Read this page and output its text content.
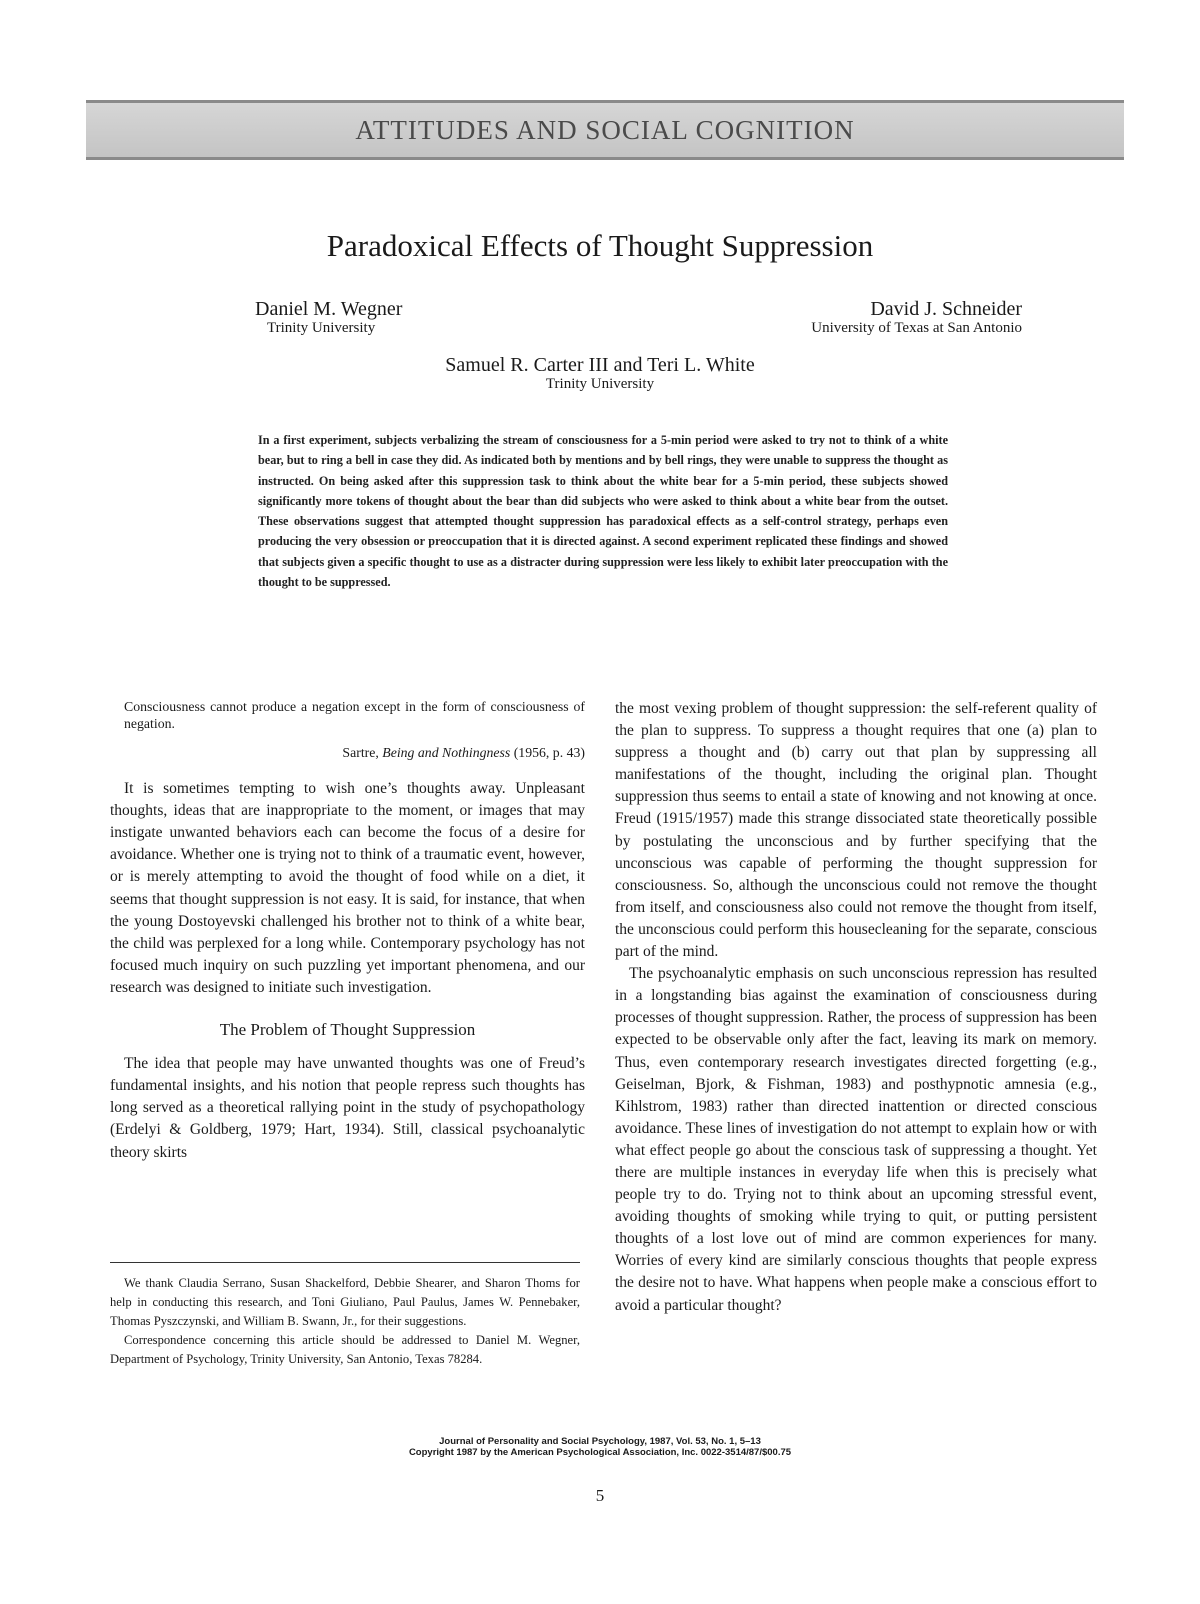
ATTITUDES AND SOCIAL COGNITION
Paradoxical Effects of Thought Suppression
Daniel M. Wegner
Trinity University
David J. Schneider
University of Texas at San Antonio
Samuel R. Carter III and Teri L. White
Trinity University
In a first experiment, subjects verbalizing the stream of consciousness for a 5-min period were asked to try not to think of a white bear, but to ring a bell in case they did. As indicated both by mentions and by bell rings, they were unable to suppress the thought as instructed. On being asked after this suppression task to think about the white bear for a 5-min period, these subjects showed significantly more tokens of thought about the bear than did subjects who were asked to think about a white bear from the outset. These observations suggest that attempted thought suppression has paradoxical effects as a self-control strategy, perhaps even producing the very obsession or preoccupation that it is directed against. A second experiment replicated these findings and showed that subjects given a specific thought to use as a distracter during suppression were less likely to exhibit later preoccupation with the thought to be suppressed.

Consciousness cannot produce a negation except in the form of consciousness of negation.

Sartre, Being and Nothingness (1956, p. 43)

It is sometimes tempting to wish one’s thoughts away. Unpleasant thoughts, ideas that are inappropriate to the moment, or images that may instigate unwanted behaviors each can become the focus of a desire for avoidance. Whether one is trying not to think of a traumatic event, however, or is merely attempting to avoid the thought of food while on a diet, it seems that thought suppression is not easy. It is said, for instance, that when the young Dostoyevski challenged his brother not to think of a white bear, the child was perplexed for a long while. Contemporary psychology has not focused much inquiry on such puzzling yet important phenomena, and our research was designed to initiate such investigation.

The Problem of Thought Suppression

The idea that people may have unwanted thoughts was one of Freud’s fundamental insights, and his notion that people repress such thoughts has long served as a theoretical rallying point in the study of psychopathology (Erdelyi & Goldberg, 1979; Hart, 1934). Still, classical psychoanalytic theory skirts

We thank Claudia Serrano, Susan Shackelford, Debbie Shearer, and Sharon Thoms for help in conducting this research, and Toni Giuliano, Paul Paulus, James W. Pennebaker, Thomas Pyszczynski, and William B. Swann, Jr., for their suggestions.

Correspondence concerning this article should be addressed to Daniel M. Wegner, Department of Psychology, Trinity University, San Antonio, Texas 78284.

the most vexing problem of thought suppression: the self-referent quality of the plan to suppress. To suppress a thought requires that one (a) plan to suppress a thought and (b) carry out that plan by suppressing all manifestations of the thought, including the original plan. Thought suppression thus seems to entail a state of knowing and not knowing at once. Freud (1915/1957) made this strange dissociated state theoretically possible by postulating the unconscious and by further specifying that the unconscious was capable of performing the thought suppression for consciousness. So, although the unconscious could not remove the thought from itself, and consciousness also could not remove the thought from itself, the unconscious could perform this housecleaning for the separate, conscious part of the mind.

The psychoanalytic emphasis on such unconscious repression has resulted in a longstanding bias against the examination of consciousness during processes of thought suppression. Rather, the process of suppression has been expected to be observable only after the fact, leaving its mark on memory. Thus, even contemporary research investigates directed forgetting (e.g., Geiselman, Bjork, & Fishman, 1983) and posthypnotic amnesia (e.g., Kihlstrom, 1983) rather than directed inattention or directed conscious avoidance. These lines of investigation do not attempt to explain how or with what effect people go about the conscious task of suppressing a thought. Yet there are multiple instances in everyday life when this is precisely what people try to do. Trying not to think about an upcoming stressful event, avoiding thoughts of smoking while trying to quit, or putting persistent thoughts of a lost love out of mind are common experiences for many. Worries of every kind are similarly conscious thoughts that people express the desire not to have. What happens when people make a conscious effort to avoid a particular thought?

Journal of Personality and Social Psychology, 1987, Vol. 53, No. 1, 5–13
Copyright 1987 by the American Psychological Association, Inc. 0022-3514/87/$00.75
5
